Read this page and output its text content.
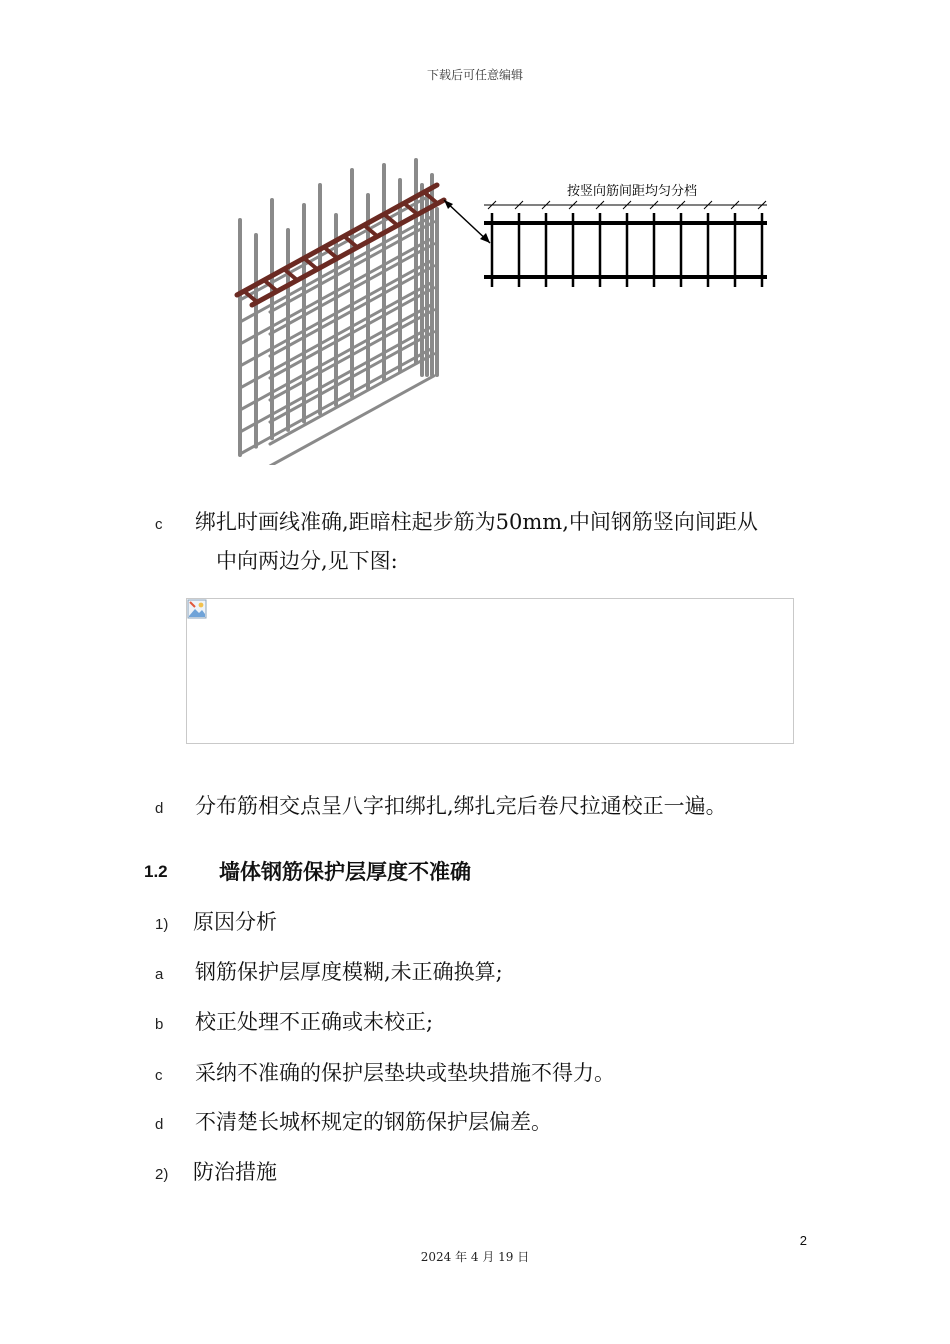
下载后可任意编辑
按竖向筋间距均匀分档
c 绑扎时画线准确,距暗柱起步筋为50mm,中间钢筋竖向间距从
中向两边分,见下图:
d 分布筋相交点呈八字扣绑扎,绑扎完后卷尺拉通校正一遍。
1.2 墙体钢筋保护层厚度不准确
1) 原因分析
a 钢筋保护层厚度模糊,未正确换算;
b 校正处理不正确或未校正;
c 采纳不准确的保护层垫块或垫块措施不得力。
d 不清楚长城杯规定的钢筋保护层偏差。
2) 防治措施
2
2024 年 4 月 19 日
